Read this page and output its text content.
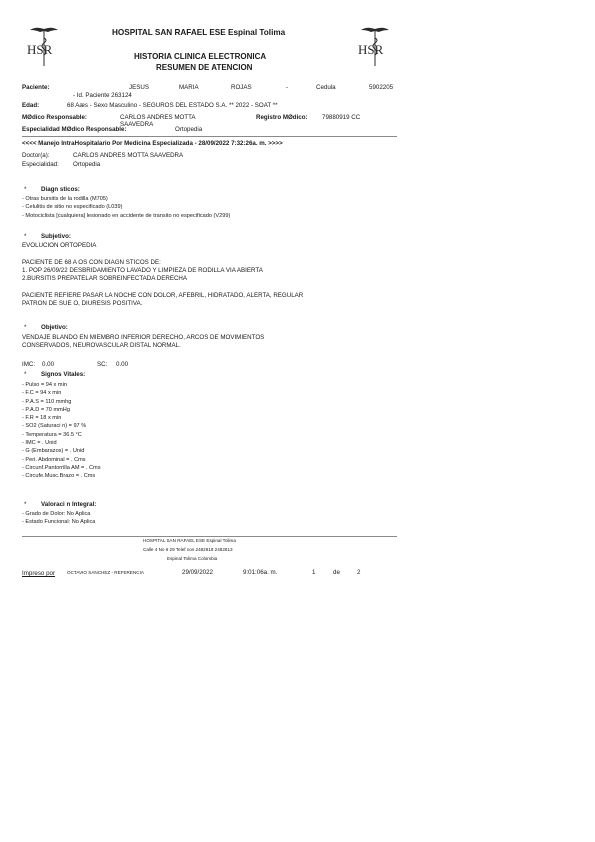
HSR	HSR
HOSPITAL SAN RAFAEL ESE Espinal Tolima
HISTORIA CLINICA ELECTRONICA
RESUMEN DE ATENCION
Paciente:	JESUS	MARIA	ROJAS	-	Cedula	5902205
- Id. Paciente 263124
Edad:	68 Aæs - Sexo Masculino - SEGUROS DEL ESTADO S.A. ** 2022 - SOAT **
MØdico Responsable:	CARLOS ANDRES MOTTA
SAAVEDRA
Registro MØdico: 79880919 CC
Especialidad MØdico Responsable:	Ortopedia
<<<< Manejo IntraHospitalario Por Medicina Especializada - 28/09/2022 7:32:26a. m. >>>>
Doctor(a):	CARLOS ANDRES MOTTA SAAVEDRA
Especialidad: Ortopedia
* Diagn sticos:
- Otras bursitis de la rodilla (M705)
- Celulitis de sitio no especificado (L039)
- Motociclista [cualquiera] lesionado en accidente de transito no especificado (V299)
* Subjetivo:
EVOLUCION ORTOPEDIA
PACIENTE DE 68 A OS CON DIAGN STICOS DE:
1. POP 26/09/22 DESBRIDAMIENTO LAVADO Y LIMPIEZA DE RODILLA VIA ABIERTA
2.BURSITIS PREPATELAR SOBREINFECTADA DERECHA
PACIENTE REFIERE PASAR LA NOCHE CON DOLOR, AFEBRIL, HIDRATADO, ALERTA, REGULAR
PATRON DE SUE O, DIURESIS POSITIVA.
* Objetivo:
VENDAJE BLANDO EN MIEMBRO INFERIOR DERECHO, ARCOS DE MOVIMIENTOS
CONSERVADOS, NEUROVASCULAR DISTAL NORMAL.
IMC: 0.00	SC: 0.00
* Signos Vitales:
- Pulso = 94 x min
- F.C = 94 x min
- P.A.S = 110 mmhg
- P.A.D = 70 mmHg
- F.R = 18 x min
- SO2 (Saturaci n) = 97 %
- Temperatura = 36.5 °C
- IMC = . Unid
- G (Embarazos) = . Unid
- Peri. Abdominal = . Cms
- Circunf.Pantorrilla AM = . Cms
- Circufe.Musc.Brazo = . Cms
* Valoraci n Integral:
- Grado de Dolor: No Aplica
- Estado Funcional: No Aplica
HOSPITAL SAN RAFAEL ESE Espinal Tolima
Calle 4 No 6 29 Telef nos 2482818 2482813
Espinal Tolima Colombia
Impreso por	OCTAVIO SANCHEZ - REFERENCIA	29/09/2022	9:01:06a. m.	1	de	2
